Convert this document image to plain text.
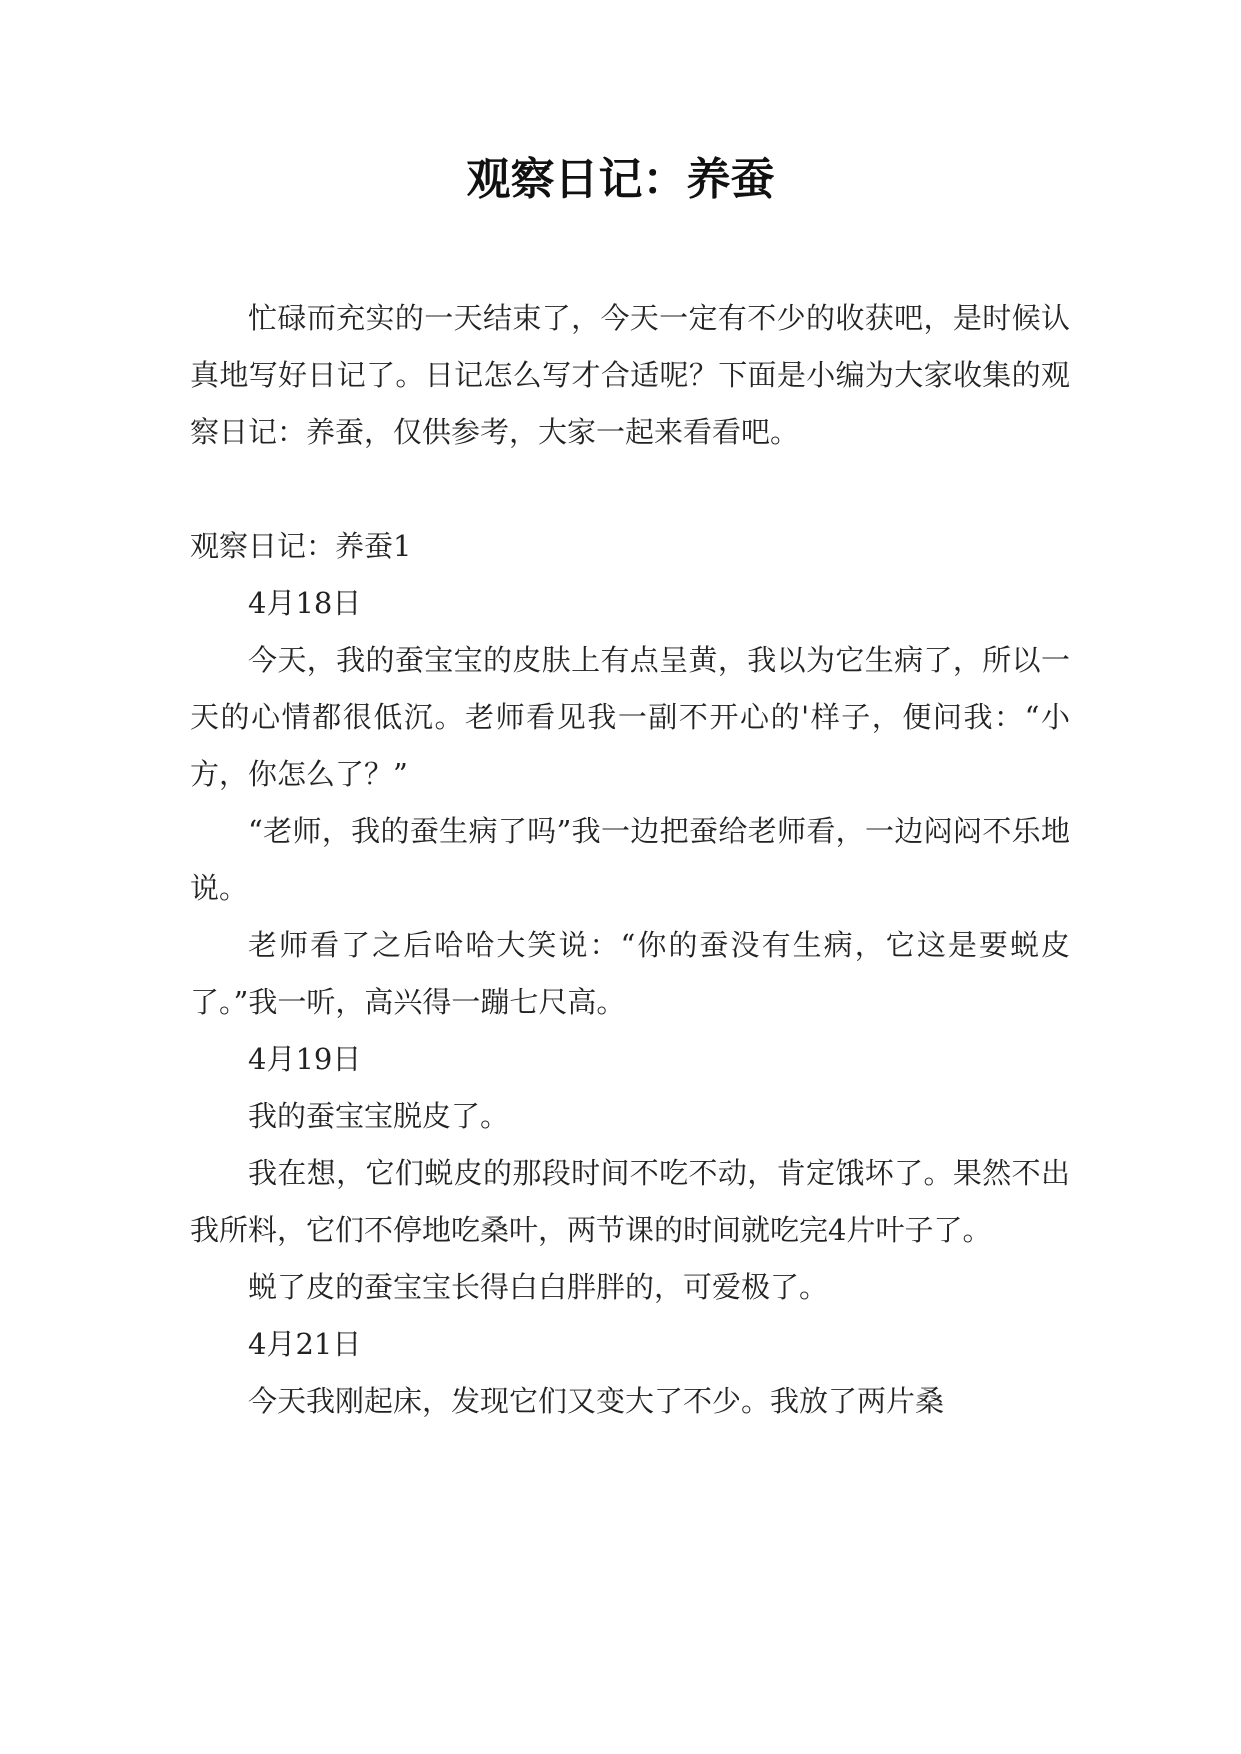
观察日记：养蚕

忙碌而充实的一天结束了，今天一定有不少的收获吧，是时候认真地写好日记了。日记怎么写才合适呢？下面是小编为大家收集的观察日记：养蚕，仅供参考，大家一起来看看吧。

观察日记：养蚕1

4月18日

今天，我的蚕宝宝的皮肤上有点呈黄，我以为它生病了，所以一天的心情都很低沉。老师看见我一副不开心的'样子，便问我：“小方，你怎么了？”

“老师，我的蚕生病了吗”我一边把蚕给老师看，一边闷闷不乐地说。

老师看了之后哈哈大笑说：“你的蚕没有生病，它这是要蜕皮了。”我一听，高兴得一蹦七尺高。

4月19日

我的蚕宝宝脱皮了。

我在想，它们蜕皮的那段时间不吃不动，肯定饿坏了。果然不出我所料，它们不停地吃桑叶，两节课的时间就吃完4片叶子了。

蜕了皮的蚕宝宝长得白白胖胖的，可爱极了。

4月21日

今天我刚起床，发现它们又变大了不少。我放了两片桑
